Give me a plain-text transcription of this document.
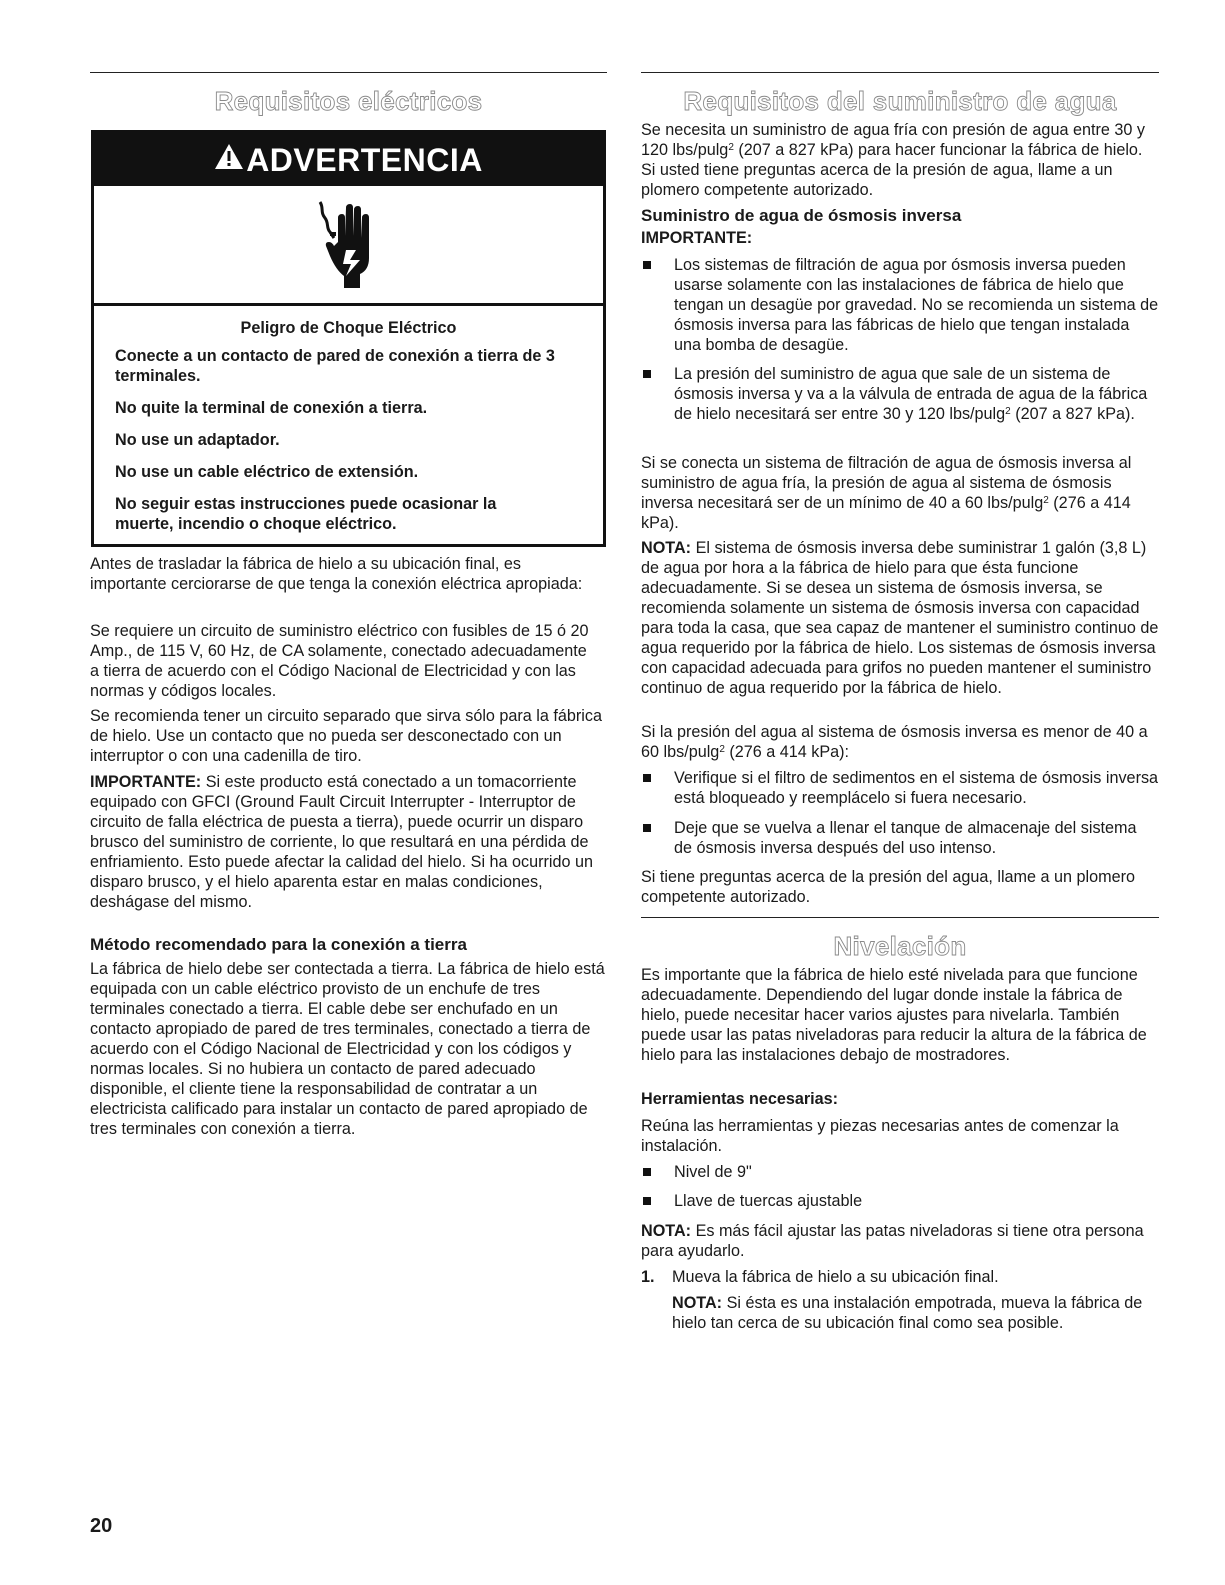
Requisitos eléctricos
ADVERTENCIA
Peligro de Choque Eléctrico
Conecte a un contacto de pared de conexión a tierra de 3 terminales.
No quite la terminal de conexión a tierra.
No use un adaptador.
No use un cable eléctrico de extensión.
No seguir estas instrucciones puede ocasionar la muerte, incendio o choque eléctrico.

Antes de trasladar la fábrica de hielo a su ubicación final, es importante cerciorarse de que tenga la conexión eléctrica apropiada:

Se requiere un circuito de suministro eléctrico con fusibles de 15 ó 20 Amp., de 115 V, 60 Hz, de CA solamente, conectado adecuadamente a tierra de acuerdo con el Código Nacional de Electricidad y con las normas y códigos locales.

Se recomienda tener un circuito separado que sirva sólo para la fábrica de hielo. Use un contacto que no pueda ser desconectado con un interruptor o con una cadenilla de tiro.

IMPORTANTE: Si este producto está conectado a un tomacorriente equipado con GFCI (Ground Fault Circuit Interrupter - Interruptor de circuito de falla eléctrica de puesta a tierra), puede ocurrir un disparo brusco del suministro de corriente, lo que resultará en una pérdida de enfriamiento. Esto puede afectar la calidad del hielo. Si ha ocurrido un disparo brusco, y el hielo aparenta estar en malas condiciones, deshágase del mismo.

Método recomendado para la conexión a tierra

La fábrica de hielo debe ser contectada a tierra. La fábrica de hielo está equipada con un cable eléctrico provisto de un enchufe de tres terminales conectado a tierra. El cable debe ser enchufado en un contacto apropiado de pared de tres terminales, conectado a tierra de acuerdo con el Código Nacional de Electricidad y con los códigos y normas locales. Si no hubiera un contacto de pared adecuado disponible, el cliente tiene la responsabilidad de contratar a un electricista calificado para instalar un contacto de pared apropiado de tres terminales con conexión a tierra.

20
Requisitos del suministro de agua

Se necesita un suministro de agua fría con presión de agua entre 30 y 120 lbs/pulg$^2$ (207 a 827 kPa) para hacer funcionar la fábrica de hielo. Si usted tiene preguntas acerca de la presión de agua, llame a un plomero competente autorizado.

Suministro de agua de ósmosis inversa
IMPORTANTE:
Los sistemas de filtración de agua por ósmosis inversa pueden usarse solamente con las instalaciones de fábrica de hielo que tengan un desagüe por gravedad. No se recomienda un sistema de ósmosis inversa para las fábricas de hielo que tengan instalada una bomba de desagüe.
La presión del suministro de agua que sale de un sistema de ósmosis inversa y va a la válvula de entrada de agua de la fábrica de hielo necesitará ser entre 30 y 120 lbs/pulg$^2$ (207 a 827 kPa).

Si se conecta un sistema de filtración de agua de ósmosis inversa al suministro de agua fría, la presión de agua al sistema de ósmosis inversa necesitará ser de un mínimo de 40 a 60 lbs/pulg$^2$ (276 a 414 kPa).

NOTA: El sistema de ósmosis inversa debe suministrar 1 galón (3,8 L) de agua por hora a la fábrica de hielo para que ésta funcione adecuadamente. Si se desea un sistema de ósmosis inversa, se recomienda solamente un sistema de ósmosis inversa con capacidad para toda la casa, que sea capaz de mantener el suministro continuo de agua requerido por la fábrica de hielo. Los sistemas de ósmosis inversa con capacidad adecuada para grifos no pueden mantener el suministro continuo de agua requerido por la fábrica de hielo.

Si la presión del agua al sistema de ósmosis inversa es menor de 40 a 60 lbs/pulg$^2$ (276 a 414 kPa):

Verifique si el filtro de sedimentos en el sistema de ósmosis inversa está bloqueado y reemplácelo si fuera necesario.
Deje que se vuelva a llenar el tanque de almacenaje del sistema de ósmosis inversa después del uso intenso.

Si tiene preguntas acerca de la presión del agua, llame a un plomero competente autorizado.

Nivelación

Es importante que la fábrica de hielo esté nivelada para que funcione adecuadamente. Dependiendo del lugar donde instale la fábrica de hielo, puede necesitar hacer varios ajustes para nivelarla. También puede usar las patas niveladoras para reducir la altura de la fábrica de hielo para las instalaciones debajo de mostradores.

Herramientas necesarias:

Reúna las herramientas y piezas necesarias antes de comenzar la instalación.

Nivel de 9"
Llave de tuercas ajustable

NOTA: Es más fácil ajustar las patas niveladoras si tiene otra persona para ayudarlo.

1. Mueva la fábrica de hielo a su ubicación final.

NOTA: Si ésta es una instalación empotrada, mueva la fábrica de hielo tan cerca de su ubicación final como sea posible.
